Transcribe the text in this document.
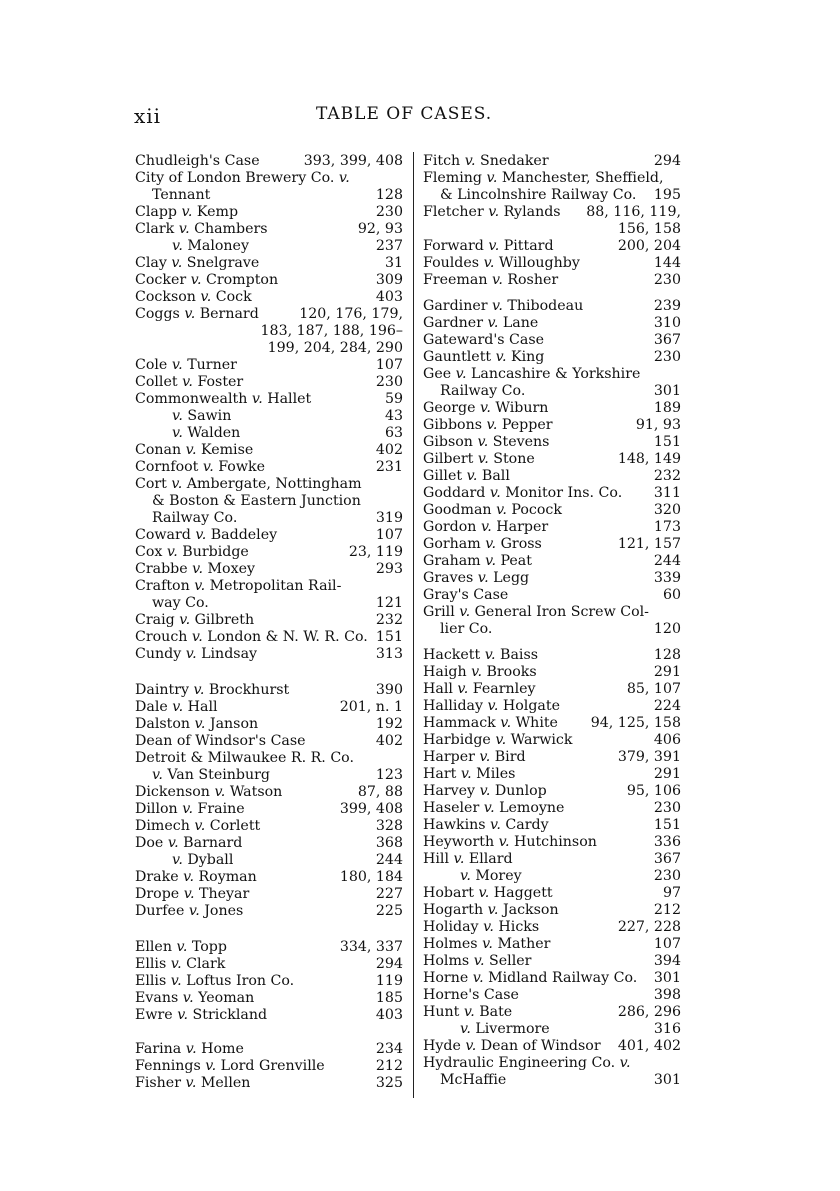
xii	TABLE OF CASES.
Chudleigh's Case	393, 399, 408
City of London Brewery Co. v.
Tennant	128
Clapp v. Kemp	230
Clark v. Chambers	92, 93
v. Maloney	237
Clay v. Snelgrave	31
Cocker v. Crompton	309
Cockson v. Cock	403
Coggs v. Bernard	120, 176, 179,
183, 187, 188, 196–
199, 204, 284, 290
Cole v. Turner	107
Collet v. Foster	230
Commonwealth v. Hallet	59
v. Sawin	43
v. Walden	63
Conan v. Kemise	402
Cornfoot v. Fowke	231
Cort v. Ambergate, Nottingham
& Boston & Eastern Junction
Railway Co.	319
Coward v. Baddeley	107
Cox v. Burbidge	23, 119
Crabbe v. Moxey	293
Crafton v. Metropolitan Rail-
way Co.	121
Craig v. Gilbreth	232
Crouch v. London & N. W. R. Co. 151
Cundy v. Lindsay	313
Daintry v. Brockhurst	390
Dale v. Hall	201, n. 1
Dalston v. Janson	192
Dean of Windsor's Case	402
Detroit & Milwaukee R. R. Co.
v. Van Steinburg	123
Dickenson v. Watson	87, 88
Dillon v. Fraine	399, 408
Dimech v. Corlett	328
Doe v. Barnard	368
v. Dyball	244
Drake v. Royman	180, 184
Drope v. Theyar	227
Durfee v. Jones	225
Ellen v. Topp	334, 337
Ellis v. Clark	294
Ellis v. Loftus Iron Co.	119
Evans v. Yeoman	185
Ewre v. Strickland	403
Farina v. Home	234
Fennings v. Lord Grenville	212
Fisher v. Mellen	325
Fitch v. Snedaker	294
Fleming v. Manchester, Sheffield,
& Lincolnshire Railway Co. 195
Fletcher v. Rylands 88, 116, 119,
156, 158
Forward v. Pittard	200, 204
Fouldes v. Willoughby	144
Freeman v. Rosher	230
Gardiner v. Thibodeau	239
Gardner v. Lane	310
Gateward's Case	367
Gauntlett v. King	230
Gee v. Lancashire & Yorkshire
Railway Co.	301
George v. Wiburn	189
Gibbons v. Pepper	91, 93
Gibson v. Stevens	151
Gilbert v. Stone	148, 149
Gillet v. Ball	232
Goddard v. Monitor Ins. Co. 311
Goodman v. Pocock	320
Gordon v. Harper	173
Gorham v. Gross	121, 157
Graham v. Peat	244
Graves v. Legg	339
Gray's Case	60
Grill v. General Iron Screw Col-
lier Co.	120
Hackett v. Baiss	128
Haigh v. Brooks	291
Hall v. Fearnley	85, 107
Halliday v. Holgate	224
Hammack v. White 94, 125, 158
Harbidge v. Warwick	406
Harper v. Bird	379, 391
Hart v. Miles	291
Harvey v. Dunlop	95, 106
Haseler v. Lemoyne	230
Hawkins v. Cardy	151
Heyworth v. Hutchinson	336
Hill v. Ellard	367
v. Morey	230
Hobart v. Haggett	97
Hogarth v. Jackson	212
Holiday v. Hicks	227, 228
Holmes v. Mather	107
Holms v. Seller	394
Horne v. Midland Railway Co. 301
Horne's Case	398
Hunt v. Bate	286, 296
v. Livermore	316
Hyde v. Dean of Windsor 401, 402
Hydraulic Engineering Co. v.
McHaffie	301
